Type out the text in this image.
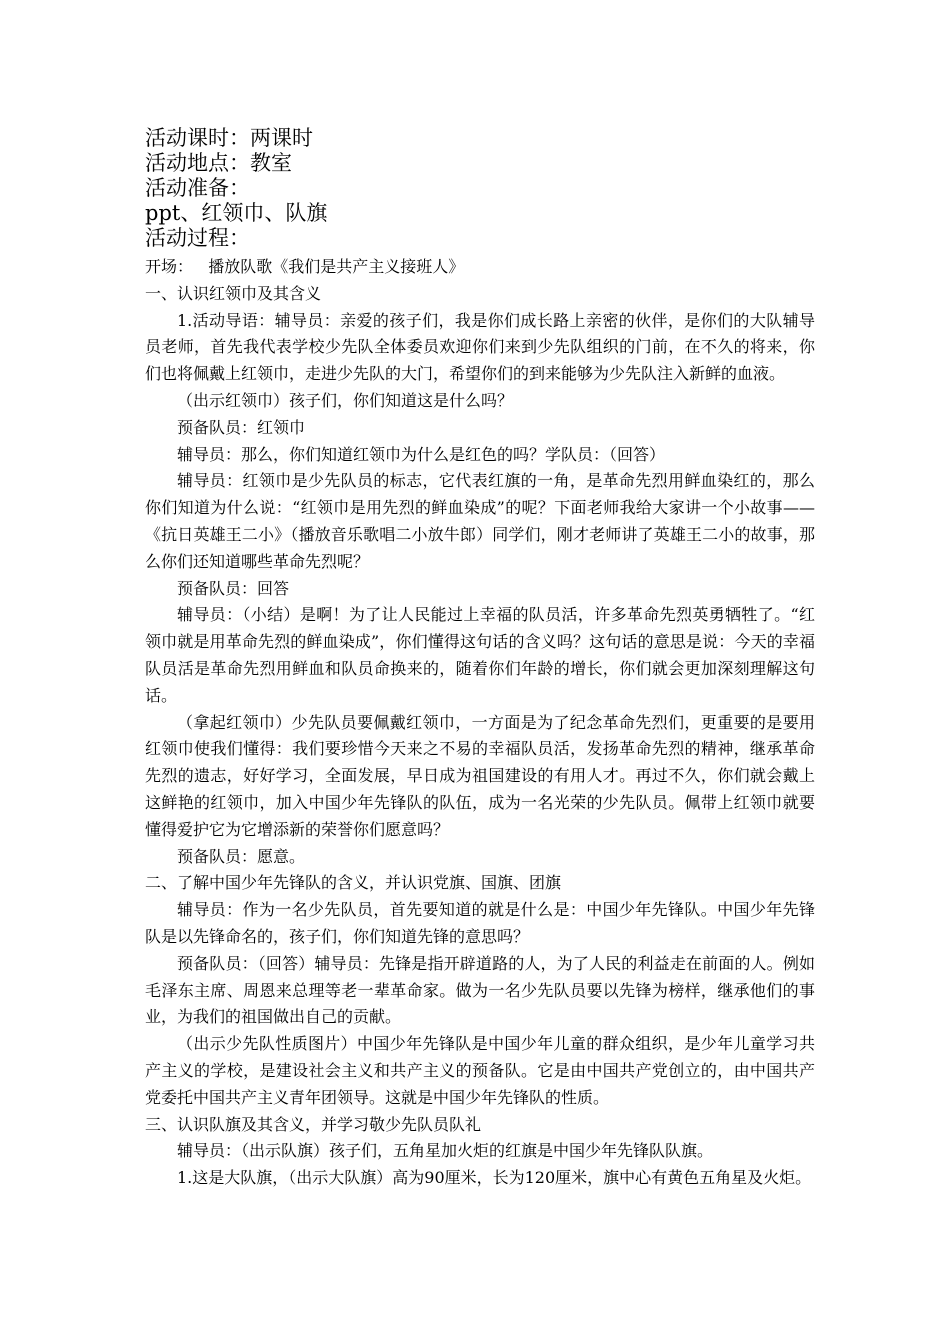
活动课时：两课时

活动地点：教室

活动准备：

ppt、红领巾、队旗

活动过程：

开场：   播放队歌《我们是共产主义接班人》

一、认识红领巾及其含义

1.活动导语：辅导员：亲爱的孩子们，我是你们成长路上亲密的伙伴，是你们的大队辅导员老师，首先我代表学校少先队全体委员欢迎你们来到少先队组织的门前，在不久的将来，你们也将佩戴上红领巾，走进少先队的大门，希望你们的到来能够为少先队注入新鲜的血液。

（出示红领巾）孩子们，你们知道这是什么吗？

预备队员：红领巾

辅导员：那么，你们知道红领巾为什么是红色的吗？学队员：（回答）

辅导员：红领巾是少先队员的标志，它代表红旗的一角，是革命先烈用鲜血染红的，那么你们知道为什么说：“红领巾是用先烈的鲜血染成”的呢？下面老师我给大家讲一个小故事——《抗日英雄王二小》（播放音乐歌唱二小放牛郎）同学们，刚才老师讲了英雄王二小的故事，那么你们还知道哪些革命先烈呢？

预备队员：回答

辅导员：（小结）是啊！为了让人民能过上幸福的队员活，许多革命先烈英勇牺牲了。“红领巾就是用革命先烈的鲜血染成”，你们懂得这句话的含义吗？这句话的意思是说：今天的幸福队员活是革命先烈用鲜血和队员命换来的，随着你们年龄的增长，你们就会更加深刻理解这句话。

（拿起红领巾）少先队员要佩戴红领巾，一方面是为了纪念革命先烈们，更重要的是要用红领巾使我们懂得：我们要珍惜今天来之不易的幸福队员活，发扬革命先烈的精神，继承革命先烈的遗志，好好学习，全面发展，早日成为祖国建设的有用人才。再过不久，你们就会戴上这鲜艳的红领巾，加入中国少年先锋队的队伍，成为一名光荣的少先队员。佩带上红领巾就要懂得爱护它为它增添新的荣誉你们愿意吗？

预备队员：愿意。

二、了解中国少年先锋队的含义，并认识党旗、国旗、团旗

辅导员：作为一名少先队员，首先要知道的就是什么是：中国少年先锋队。中国少年先锋队是以先锋命名的，孩子们，你们知道先锋的意思吗？

预备队员：（回答）辅导员：先锋是指开辟道路的人，为了人民的利益走在前面的人。例如毛泽东主席、周恩来总理等老一辈革命家。做为一名少先队员要以先锋为榜样，继承他们的事业，为我们的祖国做出自己的贡献。

（出示少先队性质图片）中国少年先锋队是中国少年儿童的群众组织，是少年儿童学习共产主义的学校，是建设社会主义和共产主义的预备队。它是由中国共产党创立的，由中国共产党委托中国共产主义青年团领导。这就是中国少年先锋队的性质。

三、认识队旗及其含义，并学习敬少先队员队礼

辅导员：（出示队旗）孩子们，五角星加火炬的红旗是中国少年先锋队队旗。

1.这是大队旗，（出示大队旗）高为90厘米，长为120厘米，旗中心有黄色五角星及火炬。
